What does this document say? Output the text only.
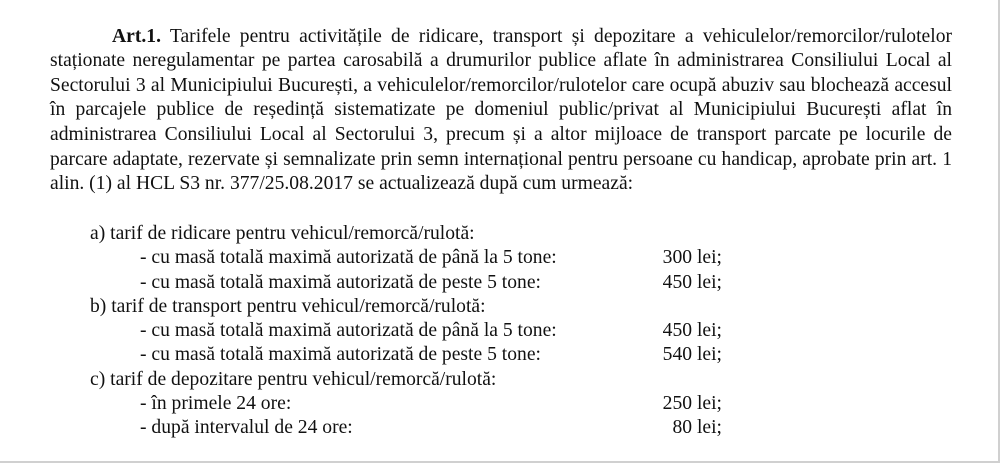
Art.1. Tarifele pentru activitățile de ridicare, transport și depozitare a vehiculelor/remorcilor/rulotelor staționate neregulamentar pe partea carosabilă a drumurilor publice aflate în administrarea Consiliului Local al Sectorului 3 al Municipiului București, a vehiculelor/remorcilor/rulotelor care ocupă abuziv sau blochează accesul în parcajele publice de reședință sistematizate pe domeniul public/privat al Municipiului București aflat în administrarea Consiliului Local al Sectorului 3, precum și a altor mijloace de transport parcate pe locurile de parcare adaptate, rezervate și semnalizate prin semn internațional pentru persoane cu handicap, aprobate prin art. 1 alin. (1) al HCL S3 nr. 377/25.08.2017 se actualizează după cum urmează:

a) tarif de ridicare pentru vehicul/remorcă/rulotă:
- cu masă totală maximă autorizată de până la 5 tone:	300 lei;
- cu masă totală maximă autorizată de peste 5 tone:	450 lei;
b) tarif de transport pentru vehicul/remorcă/rulotă:
- cu masă totală maximă autorizată de până la 5 tone:	450 lei;
- cu masă totală maximă autorizată de peste 5 tone:	540 lei;
c) tarif de depozitare pentru vehicul/remorcă/rulotă:
- în primele 24 ore:	250 lei;
- după intervalul de 24 ore:	80 lei;
